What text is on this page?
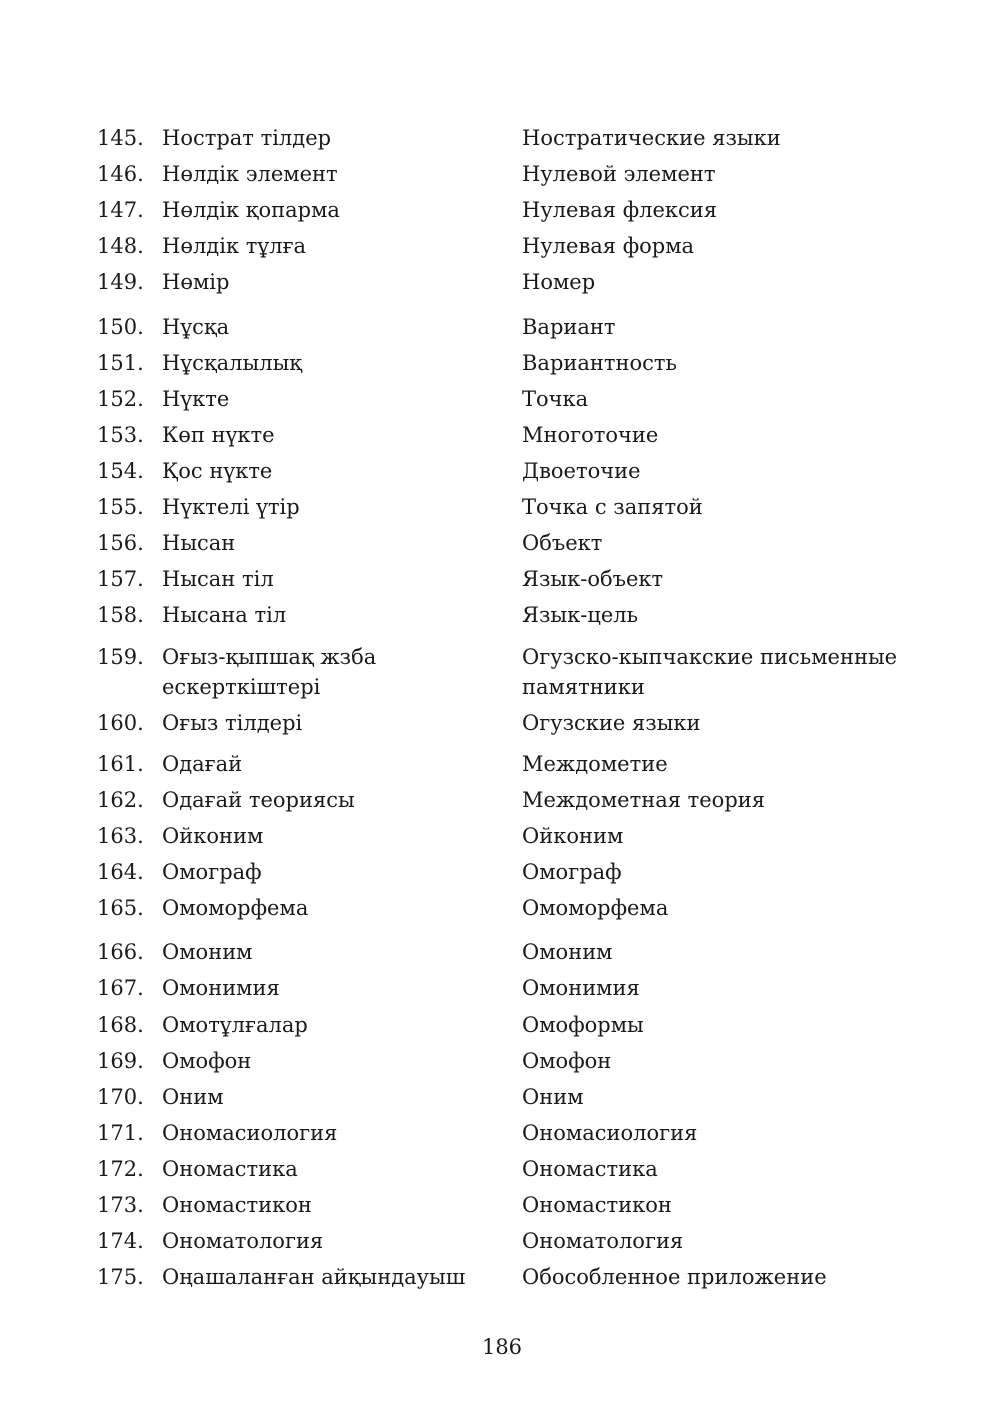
145. Нострат тілдер	Ностратические языки
146. Нөлдік элемент	Нулевой элемент
147. Нөлдік қопарма	Нулевая флексия
148. Нөлдік тұлға	Нулевая форма
149. Нөмір	Номер
150. Нұсқа	Вариант
151. Нұсқалылық	Вариантность
152. Нүкте	Точка
153. Көп нүкте	Многоточие
154. Қос нүкте	Двоеточие
155. Нүктелі үтір	Точка с запятой
156. Нысан	Объект
157. Нысан тіл	Язык-объект
158. Нысана тіл	Язык-цель
159. Оғыз-қыпшақ жзба ескерткіштері
Огузско-кыпчакские письменные памятники
160. Оғыз тілдері	Огузские языки
161. Одағай	Междометие
162. Одағай теориясы	Междометная теория
163. Ойконим	Ойконим
164. Омограф	Омограф
165. Омоморфема	Омоморфема
166. Омоним	Омоним
167. Омонимия	Омонимия
168. Омотұлғалар	Омоформы
169. Омофон	Омофон
170. Оним	Оним
171. Ономасиология	Ономасиология
172. Ономастика	Ономастика
173. Ономастикон	Ономастикон
174. Ономатология	Ономатология
175. Оңашаланған айқындауыш	Обособленное приложение
186
